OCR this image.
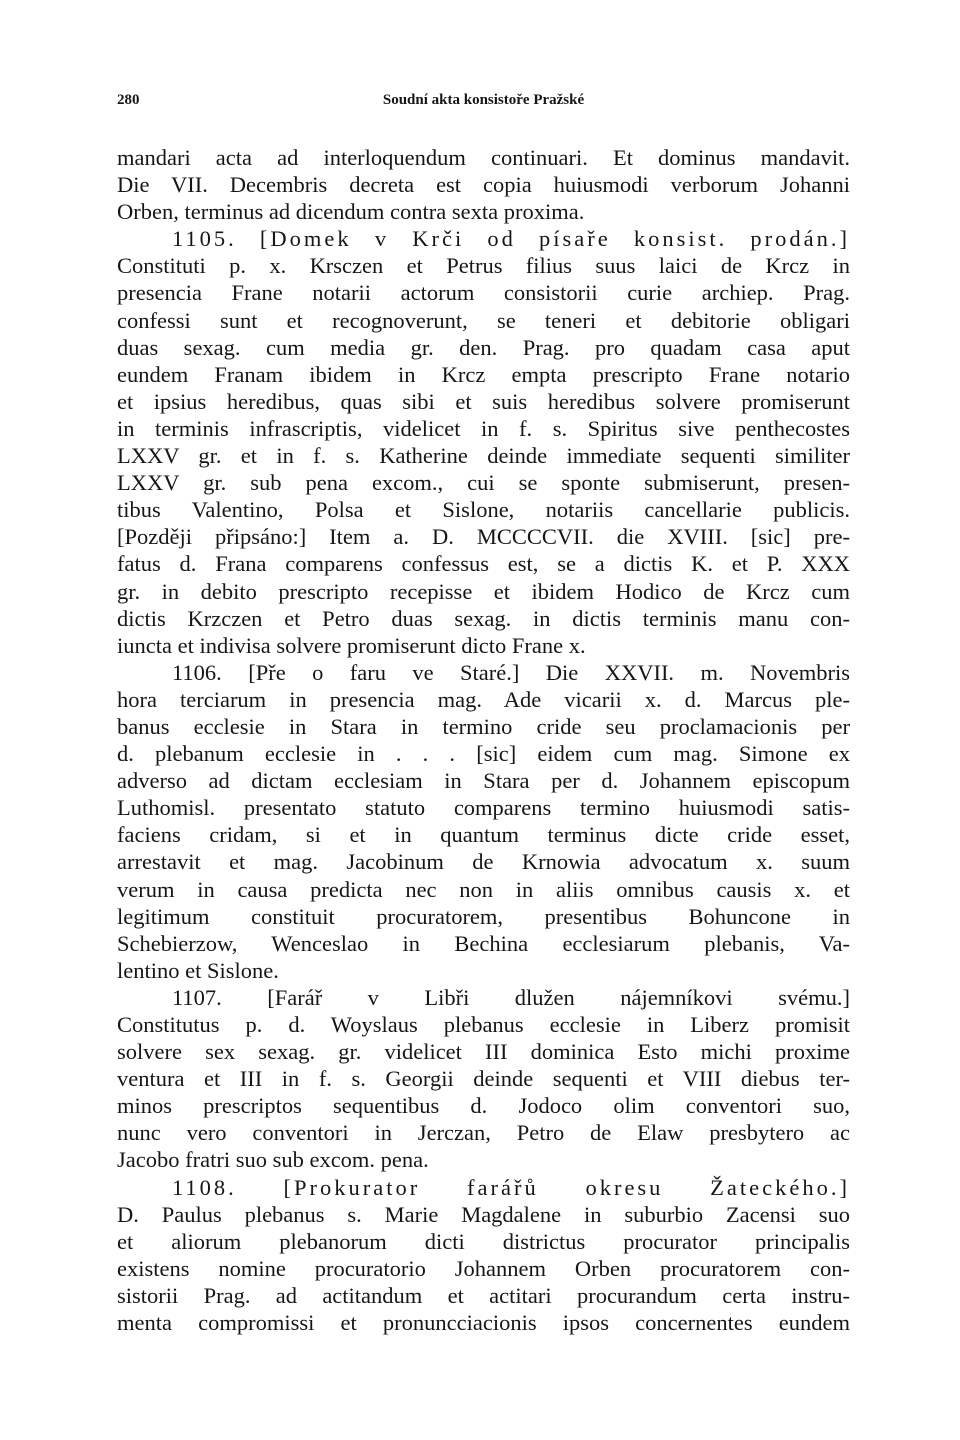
280	Soudní akta konsistoře Pražské
mandari acta ad interloquendum continuari. Et dominus mandavit.
Die VII. Decembris decreta est copia huiusmodi verborum Johanni
Orben, terminus ad dicendum contra sexta proxima.
1105. [Domek v Krči od písaře konsist. prodán.]
Constituti p. x. Krsczen et Petrus filius suus laici de Krcz in
presencia Frane notarii actorum consistorii curie archiep. Prag.
confessi sunt et recognoverunt, se teneri et debitorie obligari
duas sexag. cum media gr. den. Prag. pro quadam casa aput
eundem Franam ibidem in Krcz empta prescripto Frane notario
et ipsius heredibus, quas sibi et suis heredibus solvere promiserunt
in terminis infrascriptis, videlicet in f. s. Spiritus sive penthecostes
LXXV gr. et in f. s. Katherine deinde immediate sequenti similiter
LXXV gr. sub pena excom., cui se sponte submiserunt, presen-
tibus Valentino, Polsa et Sislone, notariis cancellarie publicis.
[Později připsáno:] Item a. D. MCCCCVII. die XVIII. [sic] pre-
fatus d. Frana comparens confessus est, se a dictis K. et P. XXX
gr. in debito prescripto recepisse et ibidem Hodico de Krcz cum
dictis Krzczen et Petro duas sexag. in dictis terminis manu con-
iuncta et indivisa solvere promiserunt dicto Frane x.
1106. [Pře o faru ve Staré.] Die XXVII. m. Novembris
hora terciarum in presencia mag. Ade vicarii x. d. Marcus ple-
banus ecclesie in Stara in termino cride seu proclamacionis per
d. plebanum ecclesie in . . . [sic] eidem cum mag. Simone ex
adverso ad dictam ecclesiam in Stara per d. Johannem episcopum
Luthomisl. presentato statuto comparens termino huiusmodi satis-
faciens cridam, si et in quantum terminus dicte cride esset,
arrestavit et mag. Jacobinum de Krnowia advocatum x. suum
verum in causa predicta nec non in aliis omnibus causis x. et
legitimum constituit procuratorem, presentibus Bohuncone in
Schebierzow, Wenceslao in Bechina ecclesiarum plebanis, Va-
lentino et Sislone.
1107. [Farář v Libři dlužen nájemníkovi svému.]
Constitutus p. d. Woyslaus plebanus ecclesie in Liberz promisit
solvere sex sexag. gr. videlicet III dominica Esto michi proxime
ventura et III in f. s. Georgii deinde sequenti et VIII diebus ter-
minos prescriptos sequentibus d. Jodoco olim conventori suo,
nunc vero conventori in Jerczan, Petro de Elaw presbytero ac
Jacobo fratri suo sub excom. pena.
1108. [Prokurator farářů okresu Žateckého.]
D. Paulus plebanus s. Marie Magdalene in suburbio Zacensi suo
et aliorum plebanorum dicti districtus procurator principalis
existens nomine procuratorio Johannem Orben procuratorem con-
sistorii Prag. ad actitandum et actitari procurandum certa instru-
menta compromissi et pronuncciacionis ipsos concernentes eundem
